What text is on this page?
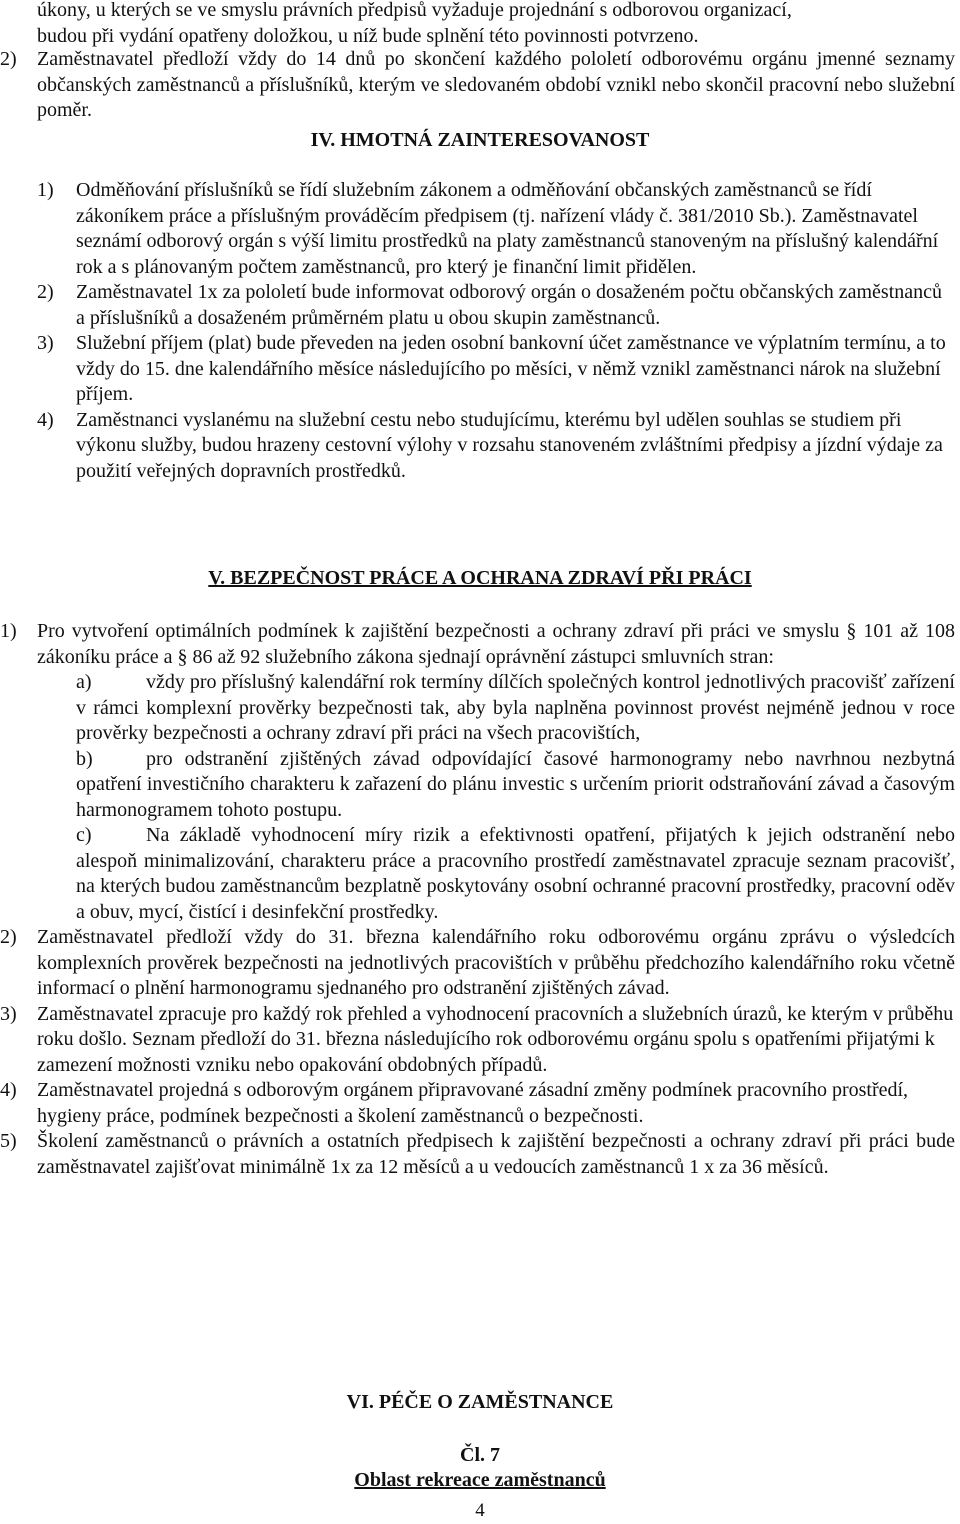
úkony, u kterých se ve smyslu právních předpisů vyžaduje projednání s odborovou organizací,

budou při vydání opatřeny doložkou, u níž bude splnění této povinnosti potvrzeno.

2) Zaměstnavatel předloží vždy do 14 dnů po skončení každého pololetí odborovému orgánu jmenné seznamy občanských zaměstnanců a příslušníků, kterým ve sledovaném období vznikl nebo skončil pracovní nebo služební poměr.

IV. HMOTNÁ ZAINTERESOVANOST
1) Odměňování příslušníků se řídí služebním zákonem a odměňování občanských zaměstnanců se řídí zákoníkem práce a příslušným prováděcím předpisem (tj. nařízení vlády č. 381/2010 Sb.). Zaměstnavatel seznámí odborový orgán s výší limitu prostředků na platy zaměstnanců stanoveným na příslušný kalendářní rok a s plánovaným počtem zaměstnanců, pro který je finanční limit přidělen.

2) Zaměstnavatel 1x za pololetí bude informovat odborový orgán o dosaženém počtu občanských zaměstnanců a příslušníků a dosaženém průměrném platu u obou skupin zaměstnanců.

3) Služební příjem (plat) bude převeden na jeden osobní bankovní účet zaměstnance ve výplatním termínu, a to vždy do 15. dne kalendářního měsíce následujícího po měsíci, v němž vznikl zaměstnanci nárok na služební příjem.

4) Zaměstnanci vyslanému na služební cestu nebo studujícímu, kterému byl udělen souhlas se studiem při výkonu služby, budou hrazeny cestovní výlohy v rozsahu stanoveném zvláštními předpisy a jízdní výdaje za použití veřejných dopravních prostředků.

V. BEZPEČNOST PRÁCE A OCHRANA ZDRAVÍ PŘI PRÁCI
1) Pro vytvoření optimálních podmínek k zajištění bezpečnosti a ochrany zdraví při práci ve smyslu § 101 až 108 zákoníku práce a § 86 až 92 služebního zákona sjednají oprávnění zástupci smluvních stran:

a)	vždy pro příslušný kalendářní rok termíny dílčích společných kontrol jednotlivých pracovišť zařízení v rámci komplexní prověrky bezpečnosti tak, aby byla naplněna povinnost provést nejméně jednou v roce prověrky bezpečnosti a ochrany zdraví při práci na všech pracovištích,

b)	pro odstranění zjištěných závad odpovídající časové harmonogramy nebo navrhnou nezbytná opatření investičního charakteru k zařazení do plánu investic s určením priorit odstraňování závad a časovým harmonogramem tohoto postupu.

c)	Na základě vyhodnocení míry rizik a efektivnosti opatření, přijatých k jejich odstranění nebo alespoň minimalizování, charakteru práce a pracovního prostředí zaměstnavatel zpracuje seznam pracovišť, na kterých budou zaměstnancům bezplatně poskytovány osobní ochranné pracovní prostředky, pracovní oděv a obuv, mycí, čistící i desinfekční prostředky.

2) Zaměstnavatel předloží vždy do 31. března kalendářního roku odborovému orgánu zprávu o výsledcích komplexních prověrek bezpečnosti na jednotlivých pracovištích v průběhu předchozího kalendářního roku včetně informací o plnění harmonogramu sjednaného pro odstranění zjištěných závad.

3) Zaměstnavatel zpracuje pro každý rok přehled a vyhodnocení pracovních a služebních úrazů, ke kterým v průběhu roku došlo. Seznam předloží do 31. března následujícího rok odborovému orgánu spolu s opatřeními přijatými k zamezení možnosti vzniku nebo opakování obdobných případů.

4) Zaměstnavatel projedná s odborovým orgánem připravované zásadní změny podmínek pracovního prostředí, hygieny práce, podmínek bezpečnosti a školení zaměstnanců o bezpečnosti.

5) Školení zaměstnanců o právních a ostatních předpisech k zajištění bezpečnosti a ochrany zdraví při práci bude zaměstnavatel zajišťovat minimálně 1x za 12 měsíců a u vedoucích zaměstnanců 1 x za 36 měsíců.

VI. PÉČE O ZAMĚSTNANCE
Čl. 7
Oblast rekreace zaměstnanců
4
